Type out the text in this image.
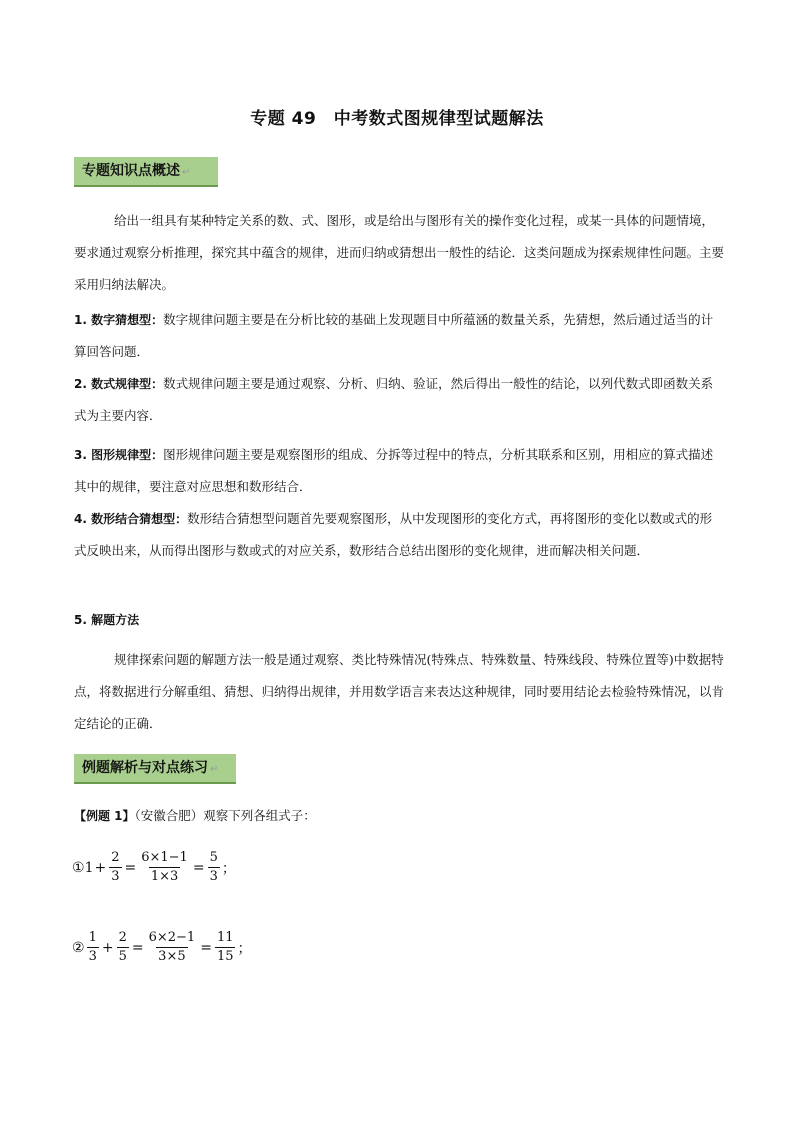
专题 49　中考数式图规律型试题解法
专题知识点概述 ↵
给出一组具有某种特定关系的数、式、图形，或是给出与图形有关的操作变化过程，或某一具体的问题情境，要求通过观察分析推理，探究其中蕴含的规律，进而归纳或猜想出一般性的结论．这类问题成为探索规律性问题。主要采用归纳法解决。
1. 数字猜想型：数字规律问题主要是在分析比较的基础上发现题目中所蕴涵的数量关系，先猜想，然后通过适当的计算回答问题．
2. 数式规律型：数式规律问题主要是通过观察、分析、归纳、验证，然后得出一般性的结论，以列代数式即函数关系式为主要内容．
3. 图形规律型：图形规律问题主要是观察图形的组成、分拆等过程中的特点，分析其联系和区别，用相应的算式描述其中的规律，要注意对应思想和数形结合．
4. 数形结合猜想型：数形结合猜想型问题首先要观察图形，从中发现图形的变化方式，再将图形的变化以数或式的形式反映出来，从而得出图形与数或式的对应关系，数形结合总结出图形的变化规律，进而解决相关问题．
5. 解题方法
规律探索问题的解题方法一般是通过观察、类比特殊情况(特殊点、特殊数量、特殊线段、特殊位置等)中数据特点，将数据进行分解重组、猜想、归纳得出规律，并用数学语言来表达这种规律，同时要用结论去检验特殊情况，以肯定结论的正确．
例题解析与对点练习 ↵
【例题 1】（安徽合肥）观察下列各组式子：
① $1 + \frac{2}{3} = \frac{6\times 1-1}{1\times 3} = \frac{5}{3}$ ；
② $\frac{1}{3} + \frac{2}{5} = \frac{6\times 2-1}{3\times 5} = \frac{11}{15}$ ；
